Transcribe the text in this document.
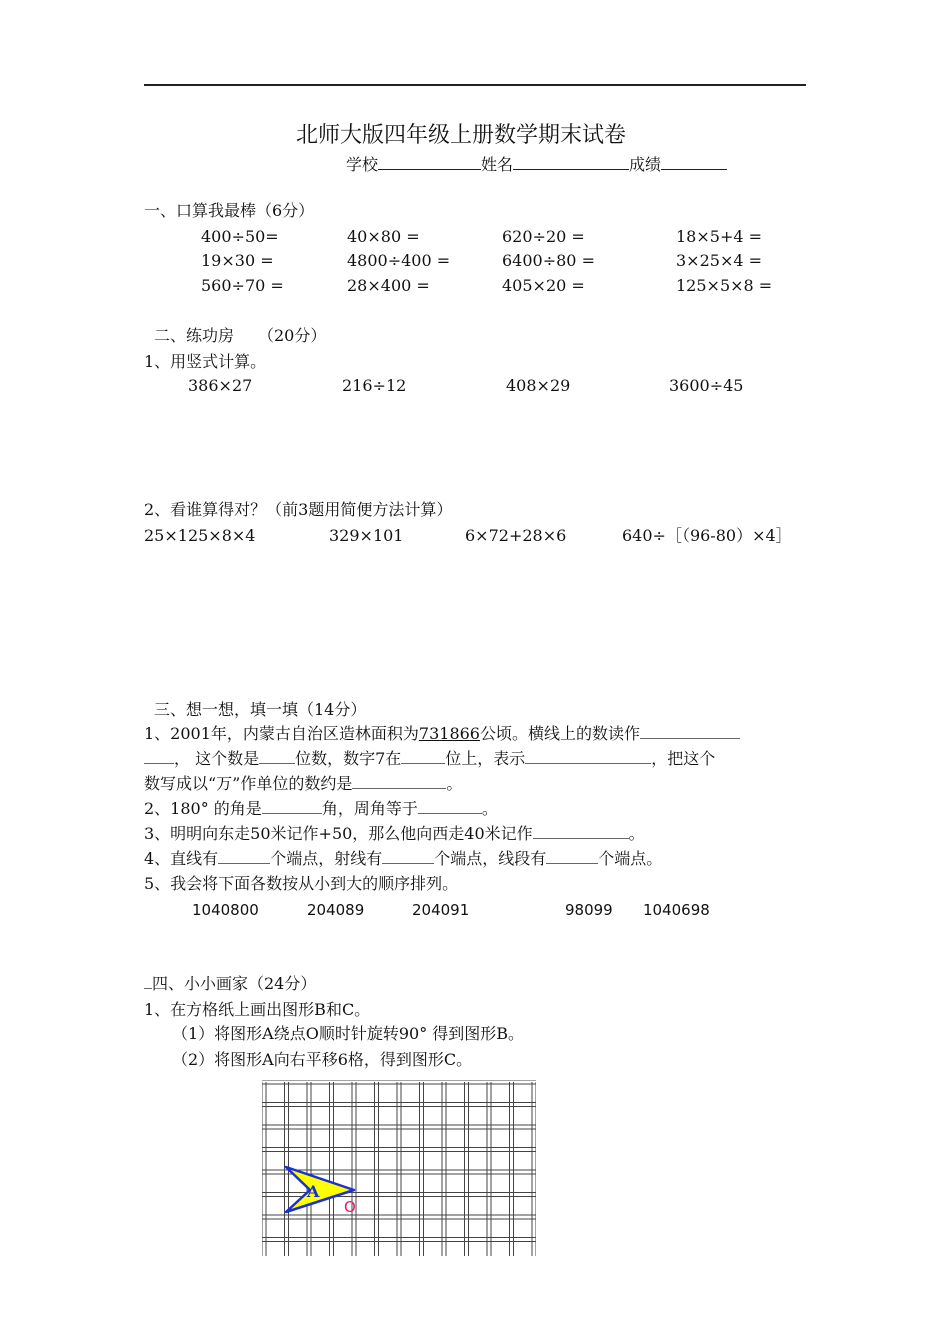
北师大版四年级上册数学期末试卷
学校	姓名	成绩
一、口算我最棒（6分）
400÷50=	40×80 =	620÷20 =	18×5+4 =
19×30 =	4800÷400 =	6400÷80 =	3×25×4 =
560÷70 =	28×400 =	405×20 =	125×5×8 =
二、练功房　　（20分）
1、用竖式计算。
386×27	216÷12	408×29	3600÷45
2、看谁算得对？（前3题用简便方法计算）
25×125×8×4	329×101	6×72+28×6	640÷［（96-80）×4］
三、想一想，填一填（14分）
1、2001年，内蒙古自治区造林面积为731866公顷。横线上的数读作
， 这个数是 位数，数字7在	位上，表示	，把这个
数写成以“万”作单位的数约是	。
2、180° 的角是	角，周角等于	。
3、明明向东走50米记作+50，那么他向西走40米记作	。
4、直线有	个端点，射线有	个端点，线段有	个端点。
5、我会将下面各数按从小到大的顺序排列。
1040800	204089	204091	98099 1040698
四、小小画家（24分）
1、在方格纸上画出图形B和C。
（1）将图形A绕点O顺时针旋转90° 得到图形B。
（2）将图形A向右平移6格，得到图形C。
A
O
